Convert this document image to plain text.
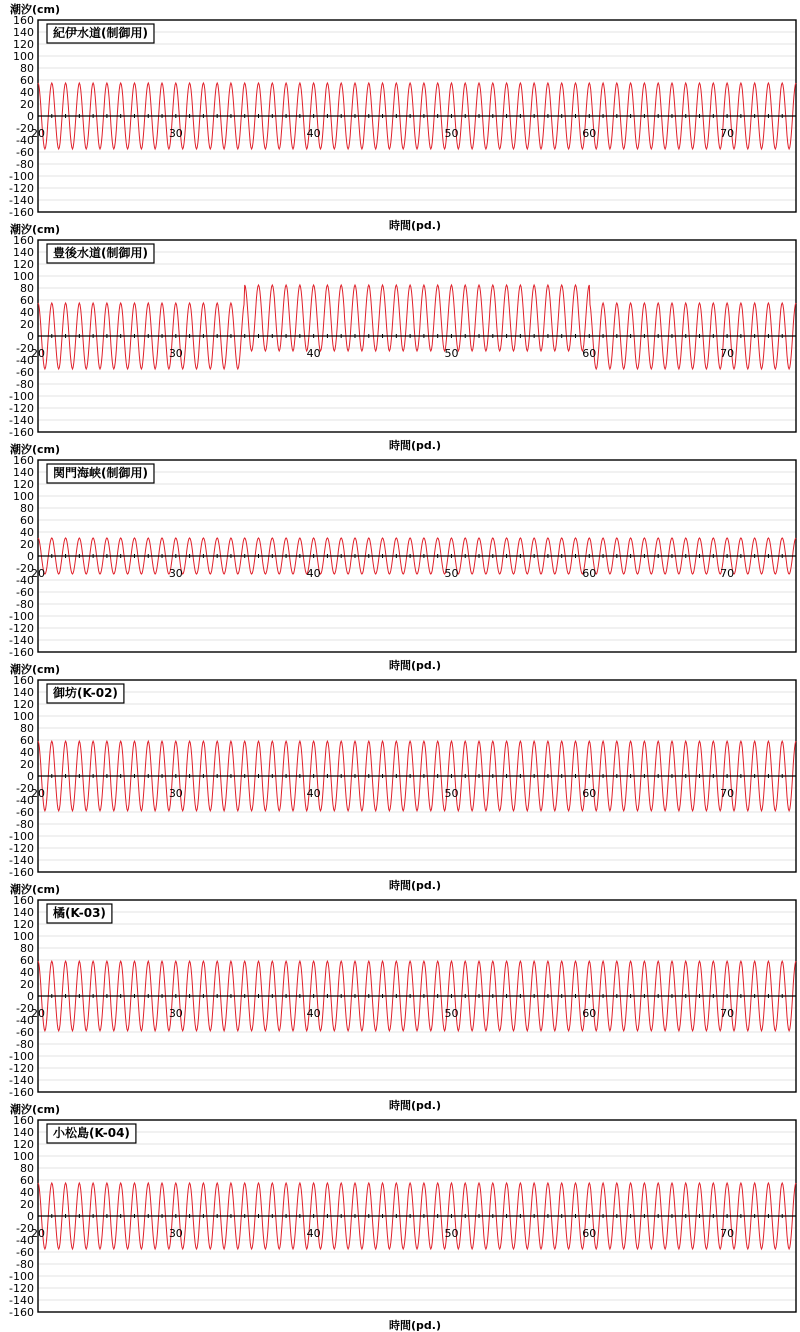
潮汐(cm)
160
140
120
100
80
60
40
20
0
-20
-40
-60
-80
-100
-120
-140
-160
20	30	40	50	60	70
時間(pd.)
紀伊水道(制御用)
潮汐(cm)
160
140
120
100
80
60
40
20
0
-20
-40
-60
-80
-100
-120
-140
-160
20	30	40	50	60	70
時間(pd.)
豊後水道(制御用)
潮汐(cm)
160
140
120
100
80
60
40
20
0
-20
-40
-60
-80
-100
-120
-140
-160
20	30	40	50	60	70
時間(pd.)
関門海峡(制御用)
潮汐(cm)
160
140
120
100
80
60
40
20
0
-20
-40
-60
-80
-100
-120
-140
-160
20	30	40	50	60	70
時間(pd.)
御坊(K-02)
潮汐(cm)
160
140
120
100
80
60
40
20
0
-20
-40
-60
-80
-100
-120
-140
-160
20	30	40	50	60	70
時間(pd.)
橘(K-03)
潮汐(cm)
160
140
120
100
80
60
40
20
0
-20
-40
-60
-80
-100
-120
-140
-160
20	30	40	50	60	70
時間(pd.)
小松島(K-04)
